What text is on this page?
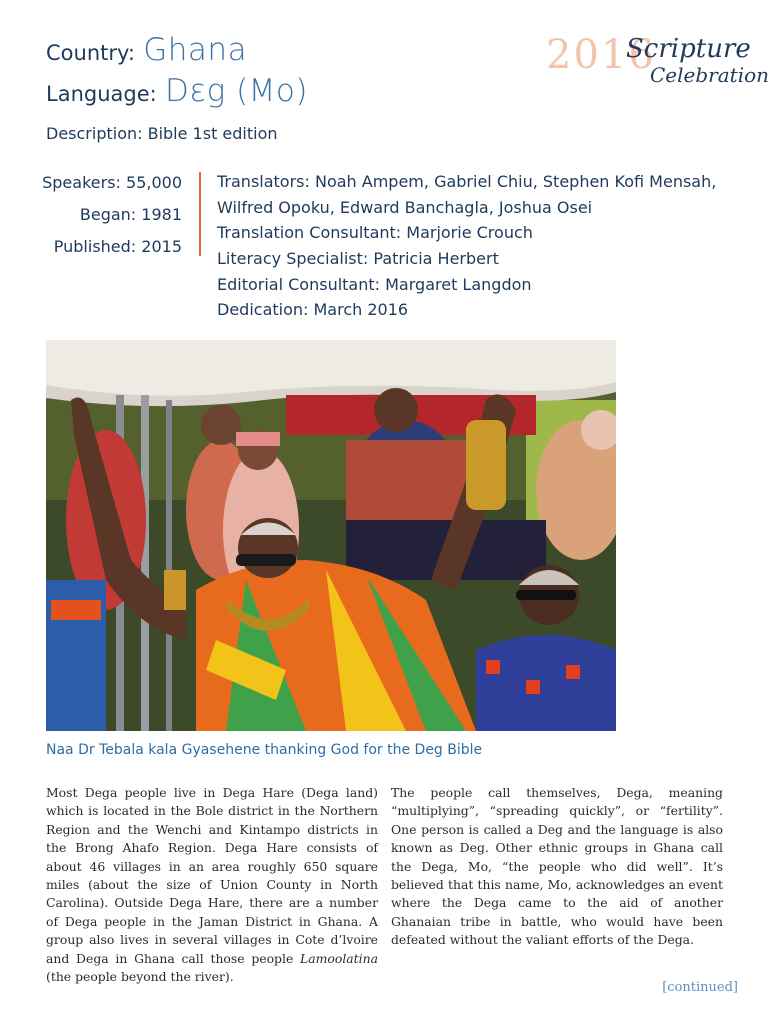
Country: Ghana
Language: Dɛg (Mo)
2016
Scripture
Celebration
Description: Bible 1st edition
Speakers: 55,000
Began: 1981
Published: 2015
Translators: Noah Ampem, Gabriel Chiu, Stephen Kofi Mensah,
Wilfred Opoku, Edward Banchagla, Joshua Osei
Translation Consultant: Marjorie Crouch
Literacy Specialist: Patricia Herbert
Editorial Consultant: Margaret Langdon
Dedication: March 2016
Naa Dr Tebala kala Gyasehene thanking God for the Deg Bible
Most Dega people live in Dega Hare (Dega land) which is located in the Bole district in the Northern Region and the Wenchi and Kintampo districts in the Brong Ahafo Region. Dega Hare consists of about 46 villages in an area roughly 650 square miles (about the size of Union County in North Carolina). Outside Dega Hare, there are a number of Dega people in the Jaman District in Ghana. A group also lives in several villages in Cote d’lvoire and Dega in Ghana call those people Lamoolatina (the people beyond the river).
The people call themselves, Dega, meaning “multiplying”, “spreading quickly”, or “fertility”. One person is called a Deg and the language is also known as Deg. Other ethnic groups in Ghana call the Dega, Mo, “the people who did well”. It’s believed that this name, Mo, acknowledges an event where the Dega came to the aid of another Ghanaian tribe in battle, who would have been defeated without the valiant efforts of the Dega.
[continued]
